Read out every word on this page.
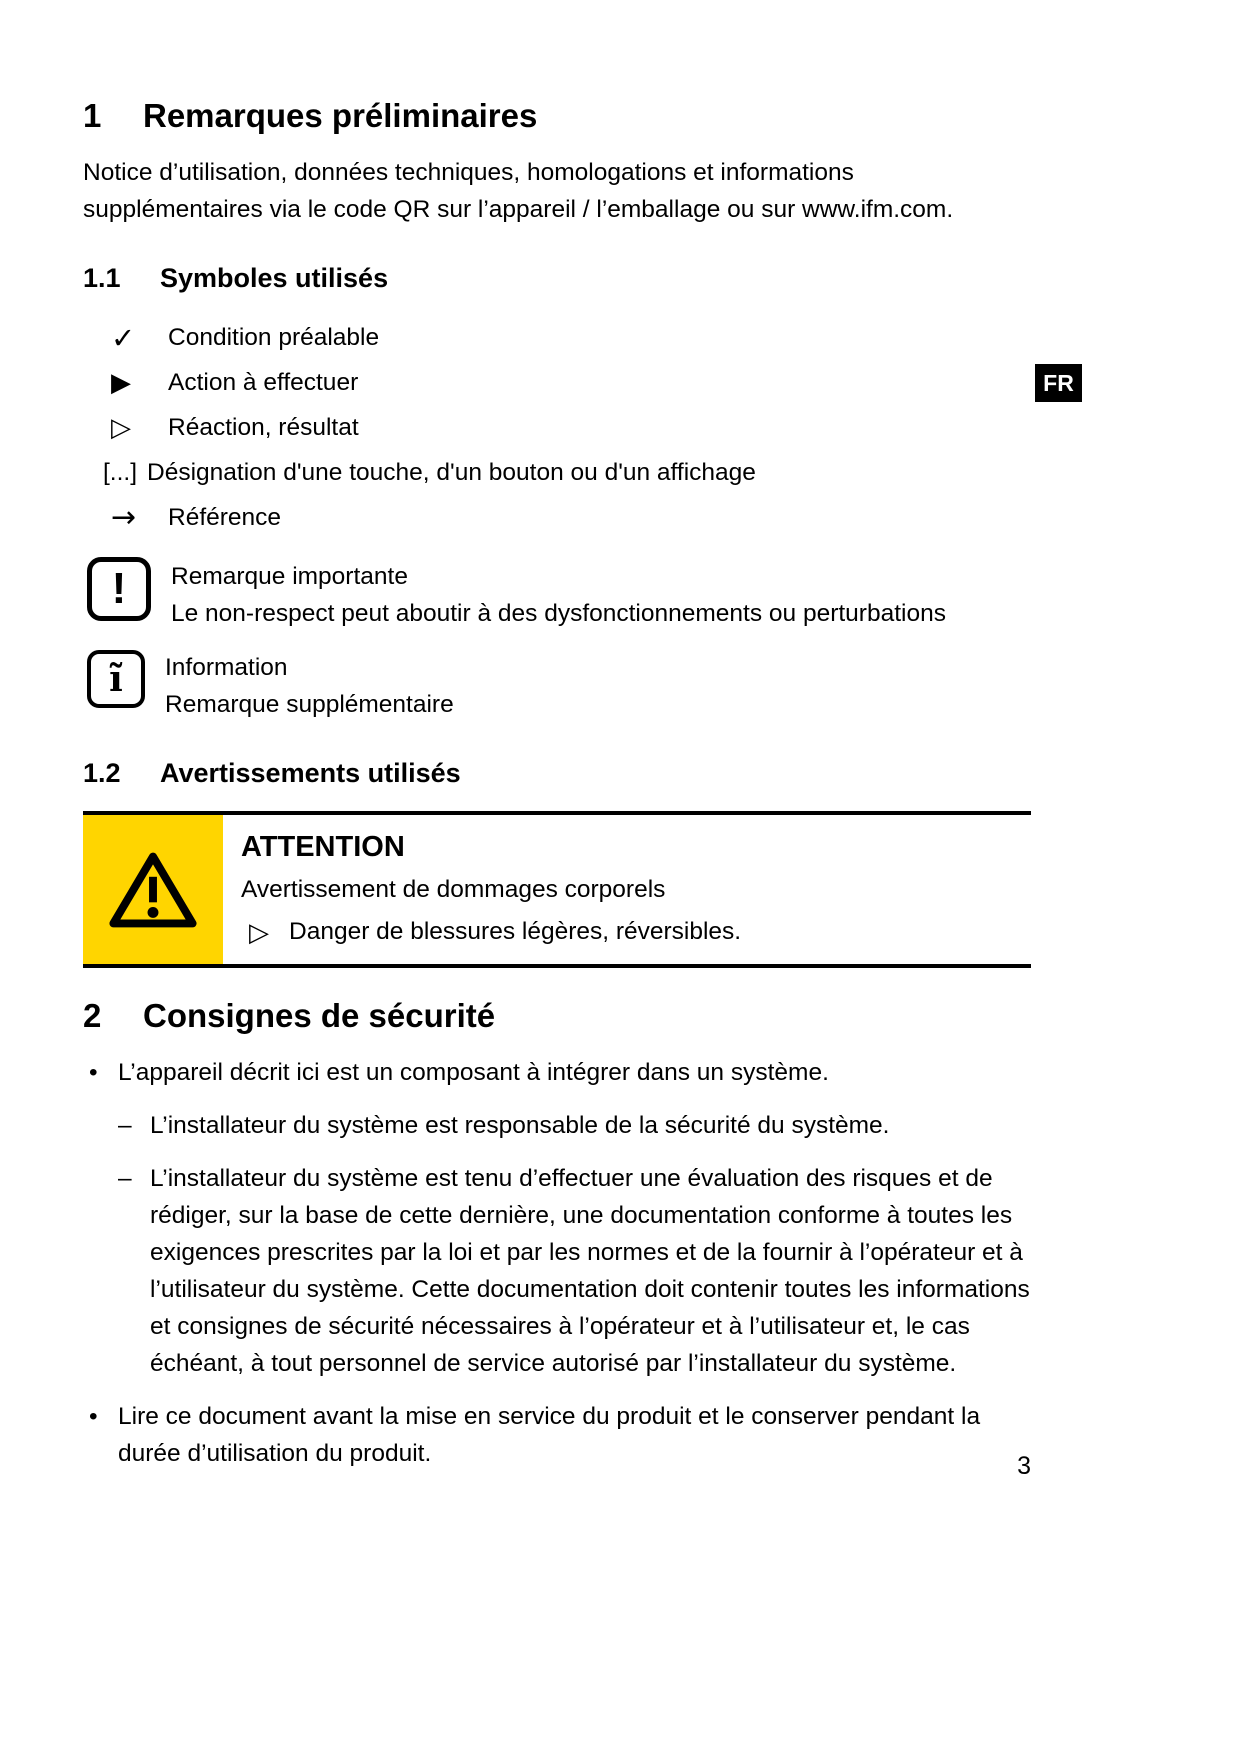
FR
1	Remarques préliminaires

Notice d’utilisation, données techniques, homologations et informations supplémentaires via le code QR sur l’appareil / l’emballage ou sur www.ifm.com.

1.1	Symboles utilisés
✓	Condition préalable
▶	Action à effectuer
▷	Réaction, résultat
[...] Désignation d'une touche, d'un bouton ou d'un affichage
→	Référence
! Remarque importante
Le non-respect peut aboutir à des dysfonctionnements ou perturbations
ĩ Information
Remarque supplémentaire
1.2	Avertissements utilisés
ATTENTION
Avertissement de dommages corporels
▷ Danger de blessures légères, réversibles.
2	Consignes de sécurité
• L’appareil décrit ici est un composant à intégrer dans un système.
– L’installateur du système est responsable de la sécurité du système.
– L’installateur du système est tenu d’effectuer une évaluation des risques et de rédiger, sur la base de cette dernière, une documentation conforme à toutes les exigences prescrites par la loi et par les normes et de la fournir à l’opérateur et à l’utilisateur du système. Cette documentation doit contenir toutes les informations et consignes de sécurité nécessaires à l’opérateur et à l’utilisateur et, le cas échéant, à tout personnel de service autorisé par l’installateur du système.
• Lire ce document avant la mise en service du produit et le conserver pendant la durée d’utilisation du produit.	3
